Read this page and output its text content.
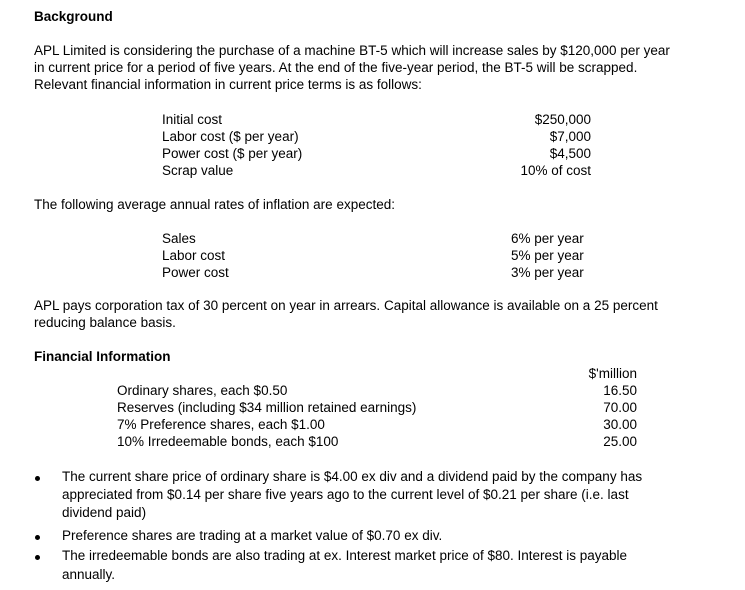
Background
APL Limited is considering the purchase of a machine BT-5 which will increase sales by $120,000 per year
in current price for a period of five years. At the end of the five-year period, the BT-5 will be scrapped.
Relevant financial information in current price terms is as follows:
Initial cost	$250,000
Labor cost ($ per year)	$7,000
Power cost ($ per year)	$4,500
Scrap value	10% of cost
The following average annual rates of inflation are expected:
Sales	6% per year
Labor cost	5% per year
Power cost	3% per year
APL pays corporation tax of 30 percent on year in arrears. Capital allowance is available on a 25 percent
reducing balance basis.
Financial Information
$'million
Ordinary shares, each $0.50	16.50
Reserves (including $34 million retained earnings)	70.00
7% Preference shares, each $1.00	30.00
10% Irredeemable bonds, each $100	25.00
The current share price of ordinary share is $4.00 ex div and a dividend paid by the company has
appreciated from $0.14 per share five years ago to the current level of $0.21 per share (i.e. last
dividend paid)
Preference shares are trading at a market value of $0.70 ex div.
The irredeemable bonds are also trading at ex. Interest market price of $80. Interest is payable
annually.
